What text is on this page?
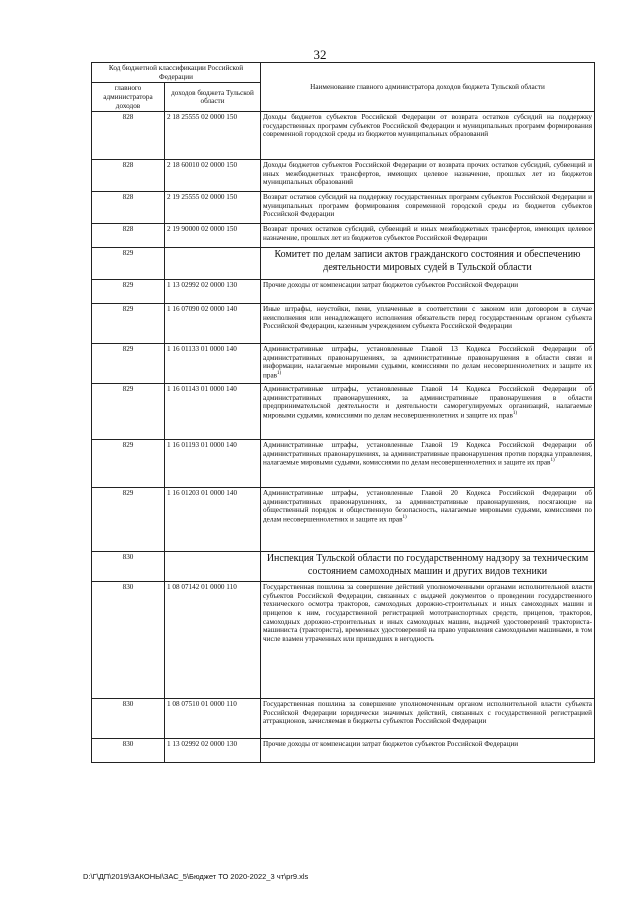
32
Код бюджетной классификации Российской Федерации		Наименование главного администратора доходов бюджета Тульской области
главного администратора доходов	доходов бюджета Тульской области	
828	2 18 25555 02 0000 150	Доходы бюджетов субъектов Российской Федерации от возврата остатков субсидий на поддержку государственных программ субъектов Российской Федерации и муниципальных программ формирования современной городской среды из бюджетов муниципальных образований
828	2 18 60010 02 0000 150	Доходы бюджетов субъектов Российской Федерации от возврата прочих остатков субсидий, субвенций и иных межбюджетных трансфертов, имеющих целевое назначение, прошлых лет из бюджетов муниципальных образований
828	2 19 25555 02 0000 150	Возврат остатков субсидий на поддержку государственных программ субъектов Российской Федерации и муниципальных программ формирования современной городской среды из бюджетов субъектов Российской Федерации
828	2 19 90000 02 0000 150	Возврат прочих остатков субсидий, субвенций и иных межбюджетных трансфертов, имеющих целевое назначение, прошлых лет из бюджетов субъектов Российской Федерации
829		Комитет по делам записи актов гражданского состояния и обеспечению деятельности мировых судей в Тульской области
829	1 13 02992 02 0000 130	Прочие доходы от компенсации затрат бюджетов субъектов Российской Федерации
829	1 16 07090 02 0000 140	Иные штрафы, неустойки, пени, уплаченные в соответствии с законом или договором в случае неисполнения или ненадлежащего исполнения обязательств перед государственным органом субъекта Российской Федерации, казенным учреждением субъекта Российской Федерации
829	1 16 01133 01 0000 140	Административные штрафы, установленные Главой 13 Кодекса Российской Федерации об административных правонарушениях, за административные правонарушения в области связи и информации, налагаемые мировыми судьями, комиссиями по делам несовершеннолетних и защите их прав$^{1)}$
829	1 16 01143 01 0000 140	Административные штрафы, установленные Главой 14 Кодекса Российской Федерации об административных правонарушениях, за административные правонарушения в области предпринимательской деятельности и деятельности саморегулируемых организаций, налагаемые мировыми судьями, комиссиями по делам несовершеннолетних и защите их прав$^{1)}$
829	1 16 01193 01 0000 140	Административные штрафы, установленные Главой 19 Кодекса Российской Федерации об административных правонарушениях, за административные правонарушения против порядка управления, налагаемые мировыми судьями, комиссиями по делам несовершеннолетних и защите их прав$^{1)}$
829	1 16 01203 01 0000 140	Административные штрафы, установленные Главой 20 Кодекса Российской Федерации об административных правонарушениях, за административные правонарушения, посягающие на общественный порядок и общественную безопасность, налагаемые мировыми судьями, комиссиями по делам несовершеннолетних и защите их прав$^{1)}$
830		Инспекция Тульской области по государственному надзору за техническим состоянием самоходных машин и других видов техники
830	1 08 07142 01 0000 110	Государственная пошлина за совершение действий уполномоченными органами исполнительной власти субъектов Российской Федерации, связанных с выдачей документов о проведении государственного технического осмотра тракторов, самоходных дорожно-строительных и иных самоходных машин и прицепов к ним, государственной регистрацией мототранспортных средств, прицепов, тракторов, самоходных дорожно-строительных и иных самоходных машин, выдачей удостоверений тракториста-машиниста (тракториста), временных удостоверений на право управления самоходными машинами, в том числе взамен утраченных или пришедших в негодность
830	1 08 07510 01 0000 110	Государственная пошлина за совершение уполномоченным органом исполнительной власти субъекта Российской Федерации юридически значимых действий, связанных с государственной регистрацией аттракционов, зачисляемая в бюджеты субъектов Российской Федерации
830	1 13 02992 02 0000 130	Прочие доходы от компенсации затрат бюджетов субъектов Российской Федерации
D:\Г\ДП\2019\ЗАКОНЫ\ЗАС_5\Бюджет ТО 2020-2022_3 чт\pr9.xls
